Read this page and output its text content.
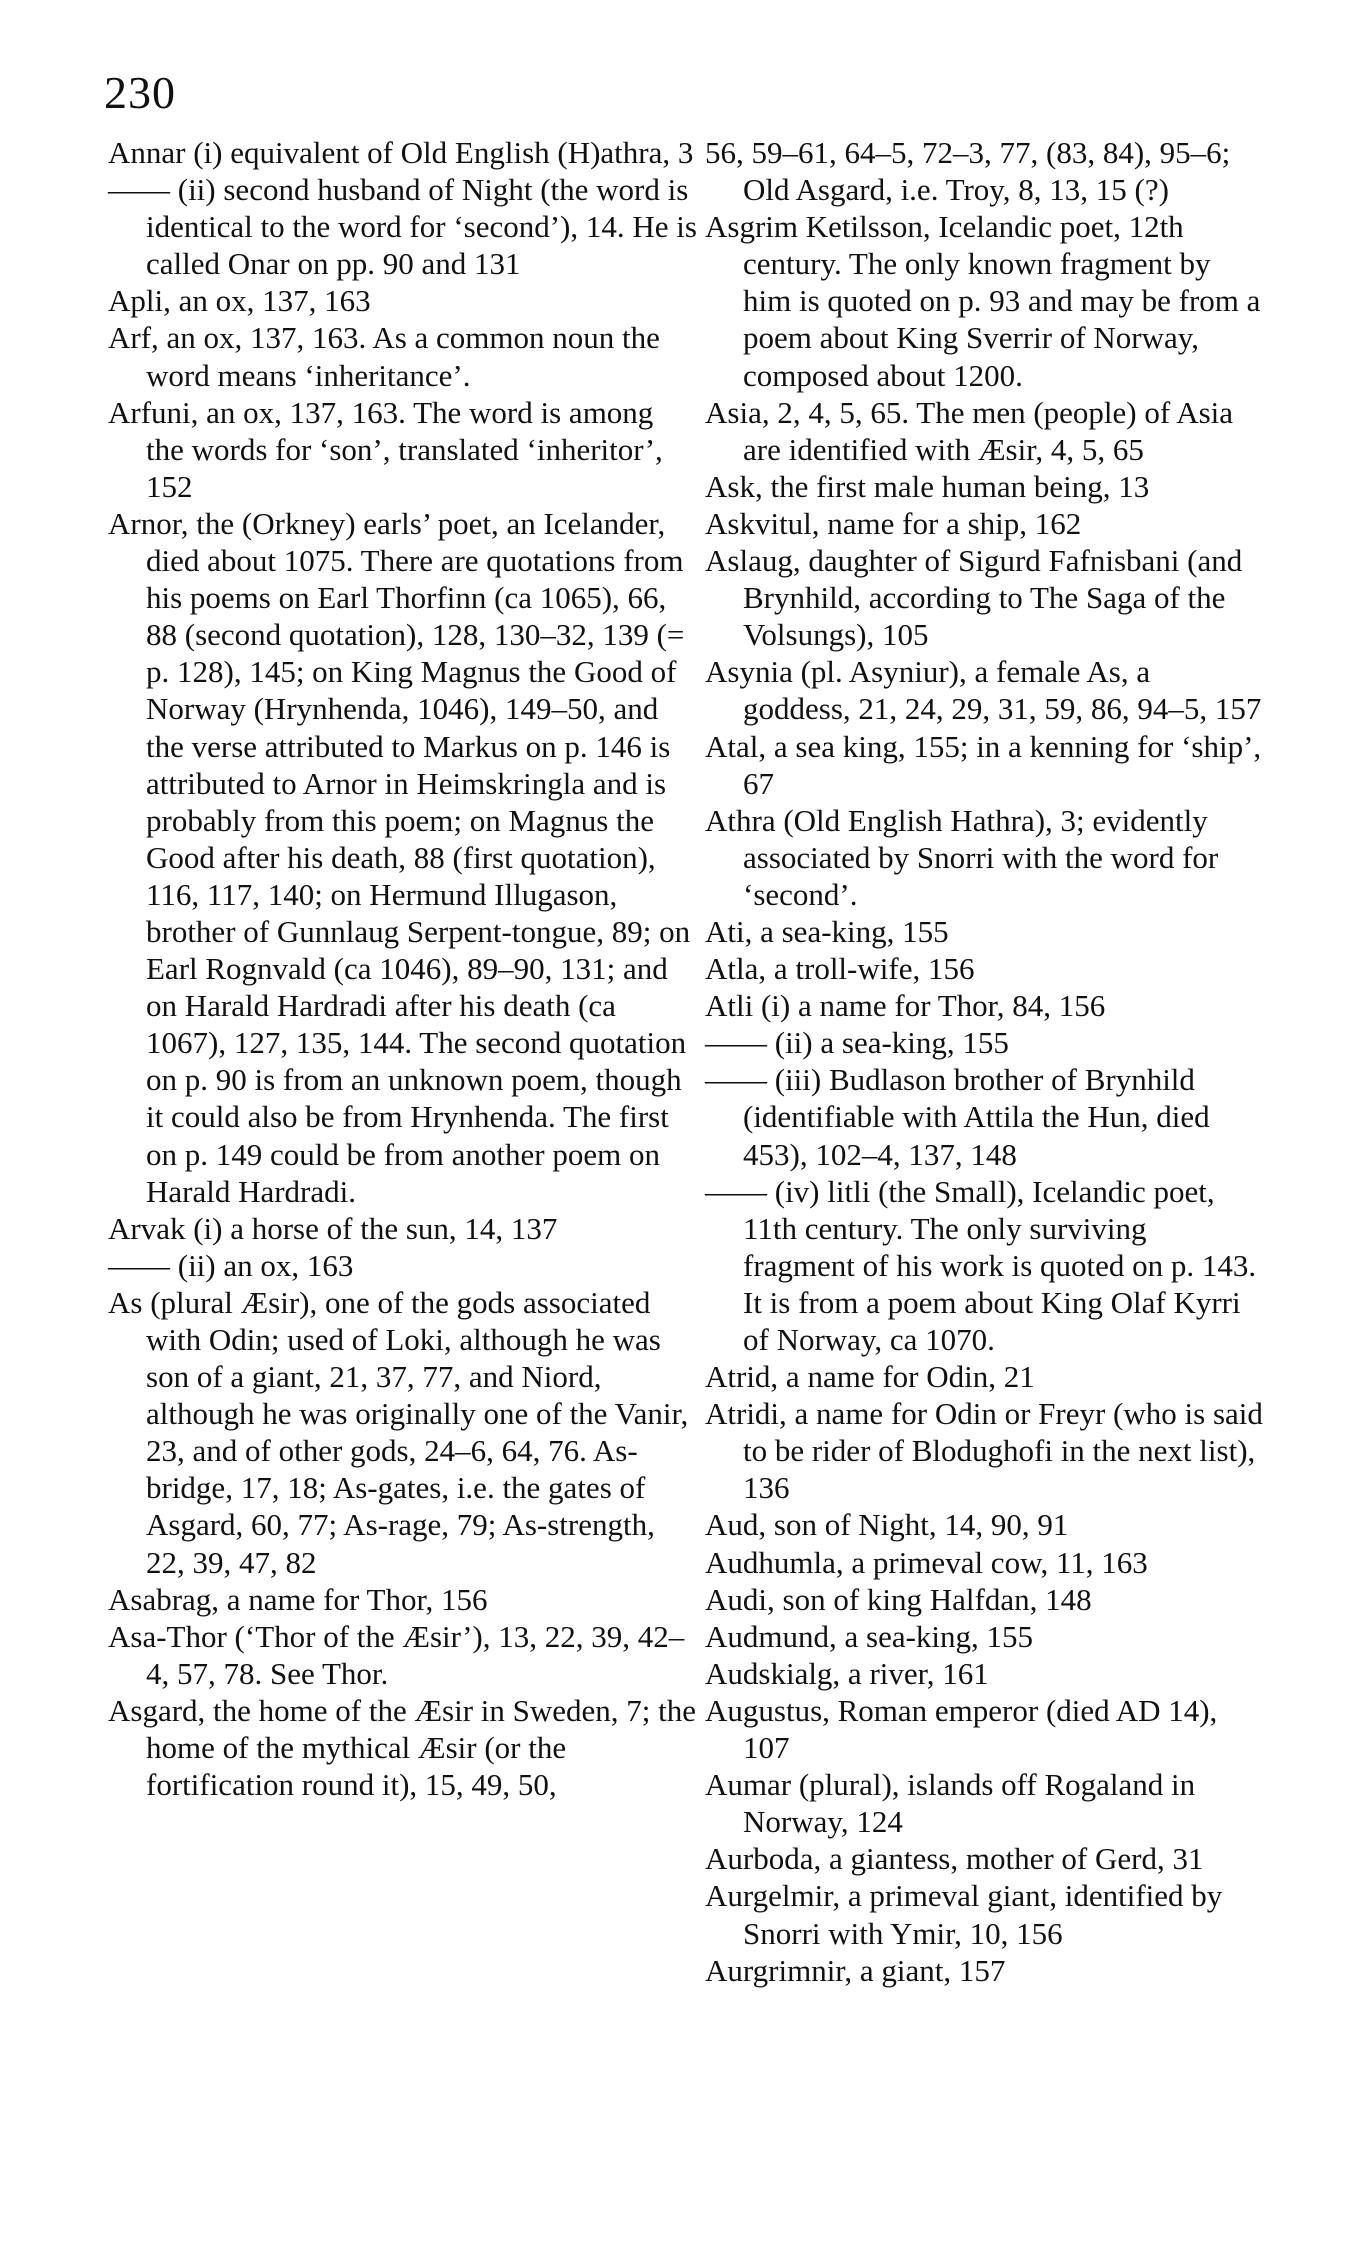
230

Annar (i) equivalent of Old English (H)athra, 3

—— (ii) second husband of Night (the word is identical to the word for ‘second’), 14. He is called Onar on pp. 90 and 131

Apli, an ox, 137, 163

Arf, an ox, 137, 163. As a common noun the word means ‘inheritance’.

Arfuni, an ox, 137, 163. The word is among the words for ‘son’, translated ‘inheritor’, 152

Arnor, the (Orkney) earls’ poet, an Icelander, died about 1075. There are quotations from his poems on Earl Thorfinn (ca 1065), 66, 88 (second quotation), 128, 130–32, 139 (= p. 128), 145; on King Magnus the Good of Norway (Hrynhenda, 1046), 149–50, and the verse attributed to Markus on p. 146 is attributed to Arnor in Heimskringla and is probably from this poem; on Magnus the Good after his death, 88 (first quotation), 116, 117, 140; on Hermund Illugason, brother of Gunnlaug Serpent-tongue, 89; on Earl Rognvald (ca 1046), 89–90, 131; and on Harald Hardradi after his death (ca 1067), 127, 135, 144. The second quotation on p. 90 is from an unknown poem, though it could also be from Hrynhenda. The first on p. 149 could be from another poem on Harald Hardradi.

Arvak (i) a horse of the sun, 14, 137

—— (ii) an ox, 163

As (plural Æsir), one of the gods associated with Odin; used of Loki, although he was son of a giant, 21, 37, 77, and Niord, although he was originally one of the Vanir, 23, and of other gods, 24–6, 64, 76. As-bridge, 17, 18; As-gates, i.e. the gates of Asgard, 60, 77; As-rage, 79; As-strength, 22, 39, 47, 82

Asabrag, a name for Thor, 156

Asa-Thor (‘Thor of the Æsir’), 13, 22, 39, 42–4, 57, 78. See Thor.

Asgard, the home of the Æsir in Sweden, 7; the home of the mythical Æsir (or the fortification round it), 15, 49, 50,

56, 59–61, 64–5, 72–3, 77, (83, 84), 95–6; Old Asgard, i.e. Troy, 8, 13, 15 (?)

Asgrim Ketilsson, Icelandic poet, 12th century. The only known fragment by him is quoted on p. 93 and may be from a poem about King Sverrir of Norway, composed about 1200.

Asia, 2, 4, 5, 65. The men (people) of Asia are identified with Æsir, 4, 5, 65

Ask, the first male human being, 13

Askvitul, name for a ship, 162

Aslaug, daughter of Sigurd Fafnisbani (and Brynhild, according to The Saga of the Volsungs), 105

Asynia (pl. Asyniur), a female As, a goddess, 21, 24, 29, 31, 59, 86, 94–5, 157

Atal, a sea king, 155; in a kenning for ‘ship’, 67

Athra (Old English Hathra), 3; evidently associated by Snorri with the word for ‘second’.

Ati, a sea-king, 155

Atla, a troll-wife, 156

Atli (i) a name for Thor, 84, 156

—— (ii) a sea-king, 155

—— (iii) Budlason brother of Brynhild (identifiable with Attila the Hun, died 453), 102–4, 137, 148

—— (iv) litli (the Small), Icelandic poet, 11th century. The only surviving fragment of his work is quoted on p. 143. It is from a poem about King Olaf Kyrri of Norway, ca 1070.

Atrid, a name for Odin, 21

Atridi, a name for Odin or Freyr (who is said to be rider of Blodughofi in the next list), 136

Aud, son of Night, 14, 90, 91

Audhumla, a primeval cow, 11, 163

Audi, son of king Halfdan, 148

Audmund, a sea-king, 155

Audskialg, a river, 161

Augustus, Roman emperor (died AD 14), 107

Aumar (plural), islands off Rogaland in Norway, 124

Aurboda, a giantess, mother of Gerd, 31

Aurgelmir, a primeval giant, identified by Snorri with Ymir, 10, 156

Aurgrimnir, a giant, 157
